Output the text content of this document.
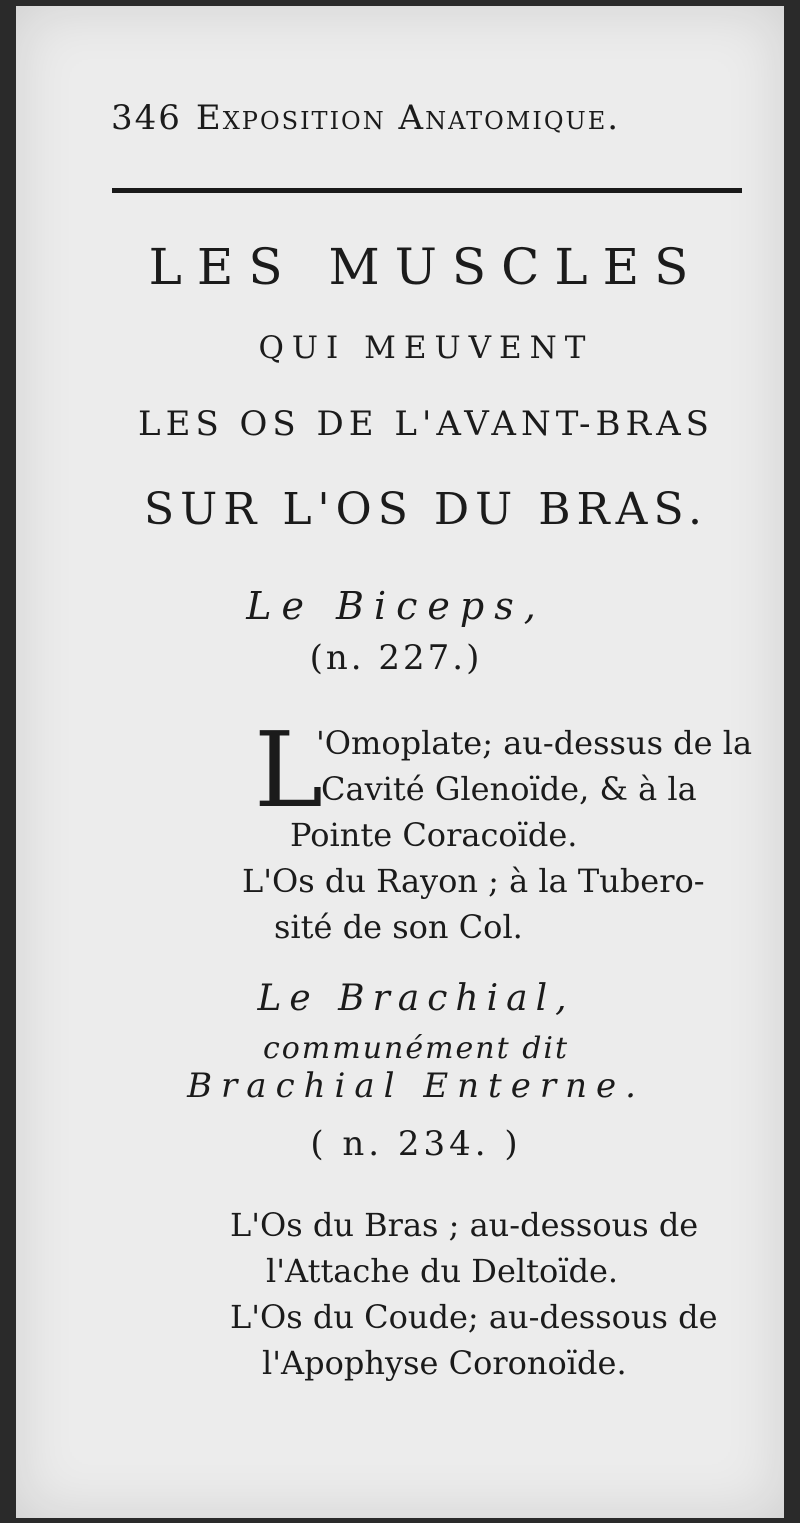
346 Exposition Anatomique.
LES MUSCLES
QUI MEUVENT
LES OS DE L'AVANT-BRAS
SUR L'OS DU BRAS.
Le Biceps,
(n. 227.)
L
'Omoplate; au-dessus de la
Cavité Glenoïde, & à la
Pointe Coracoïde.
L'Os du Rayon ; à la Tubero-
sité de son Col.
Le Brachial,
communément dit
Brachial Enterne.
( n. 234. )
L'Os du Bras ; au-dessous de
l'Attache du Deltoïde.
L'Os du Coude; au-dessous de
l'Apophyse Coronoïde.
